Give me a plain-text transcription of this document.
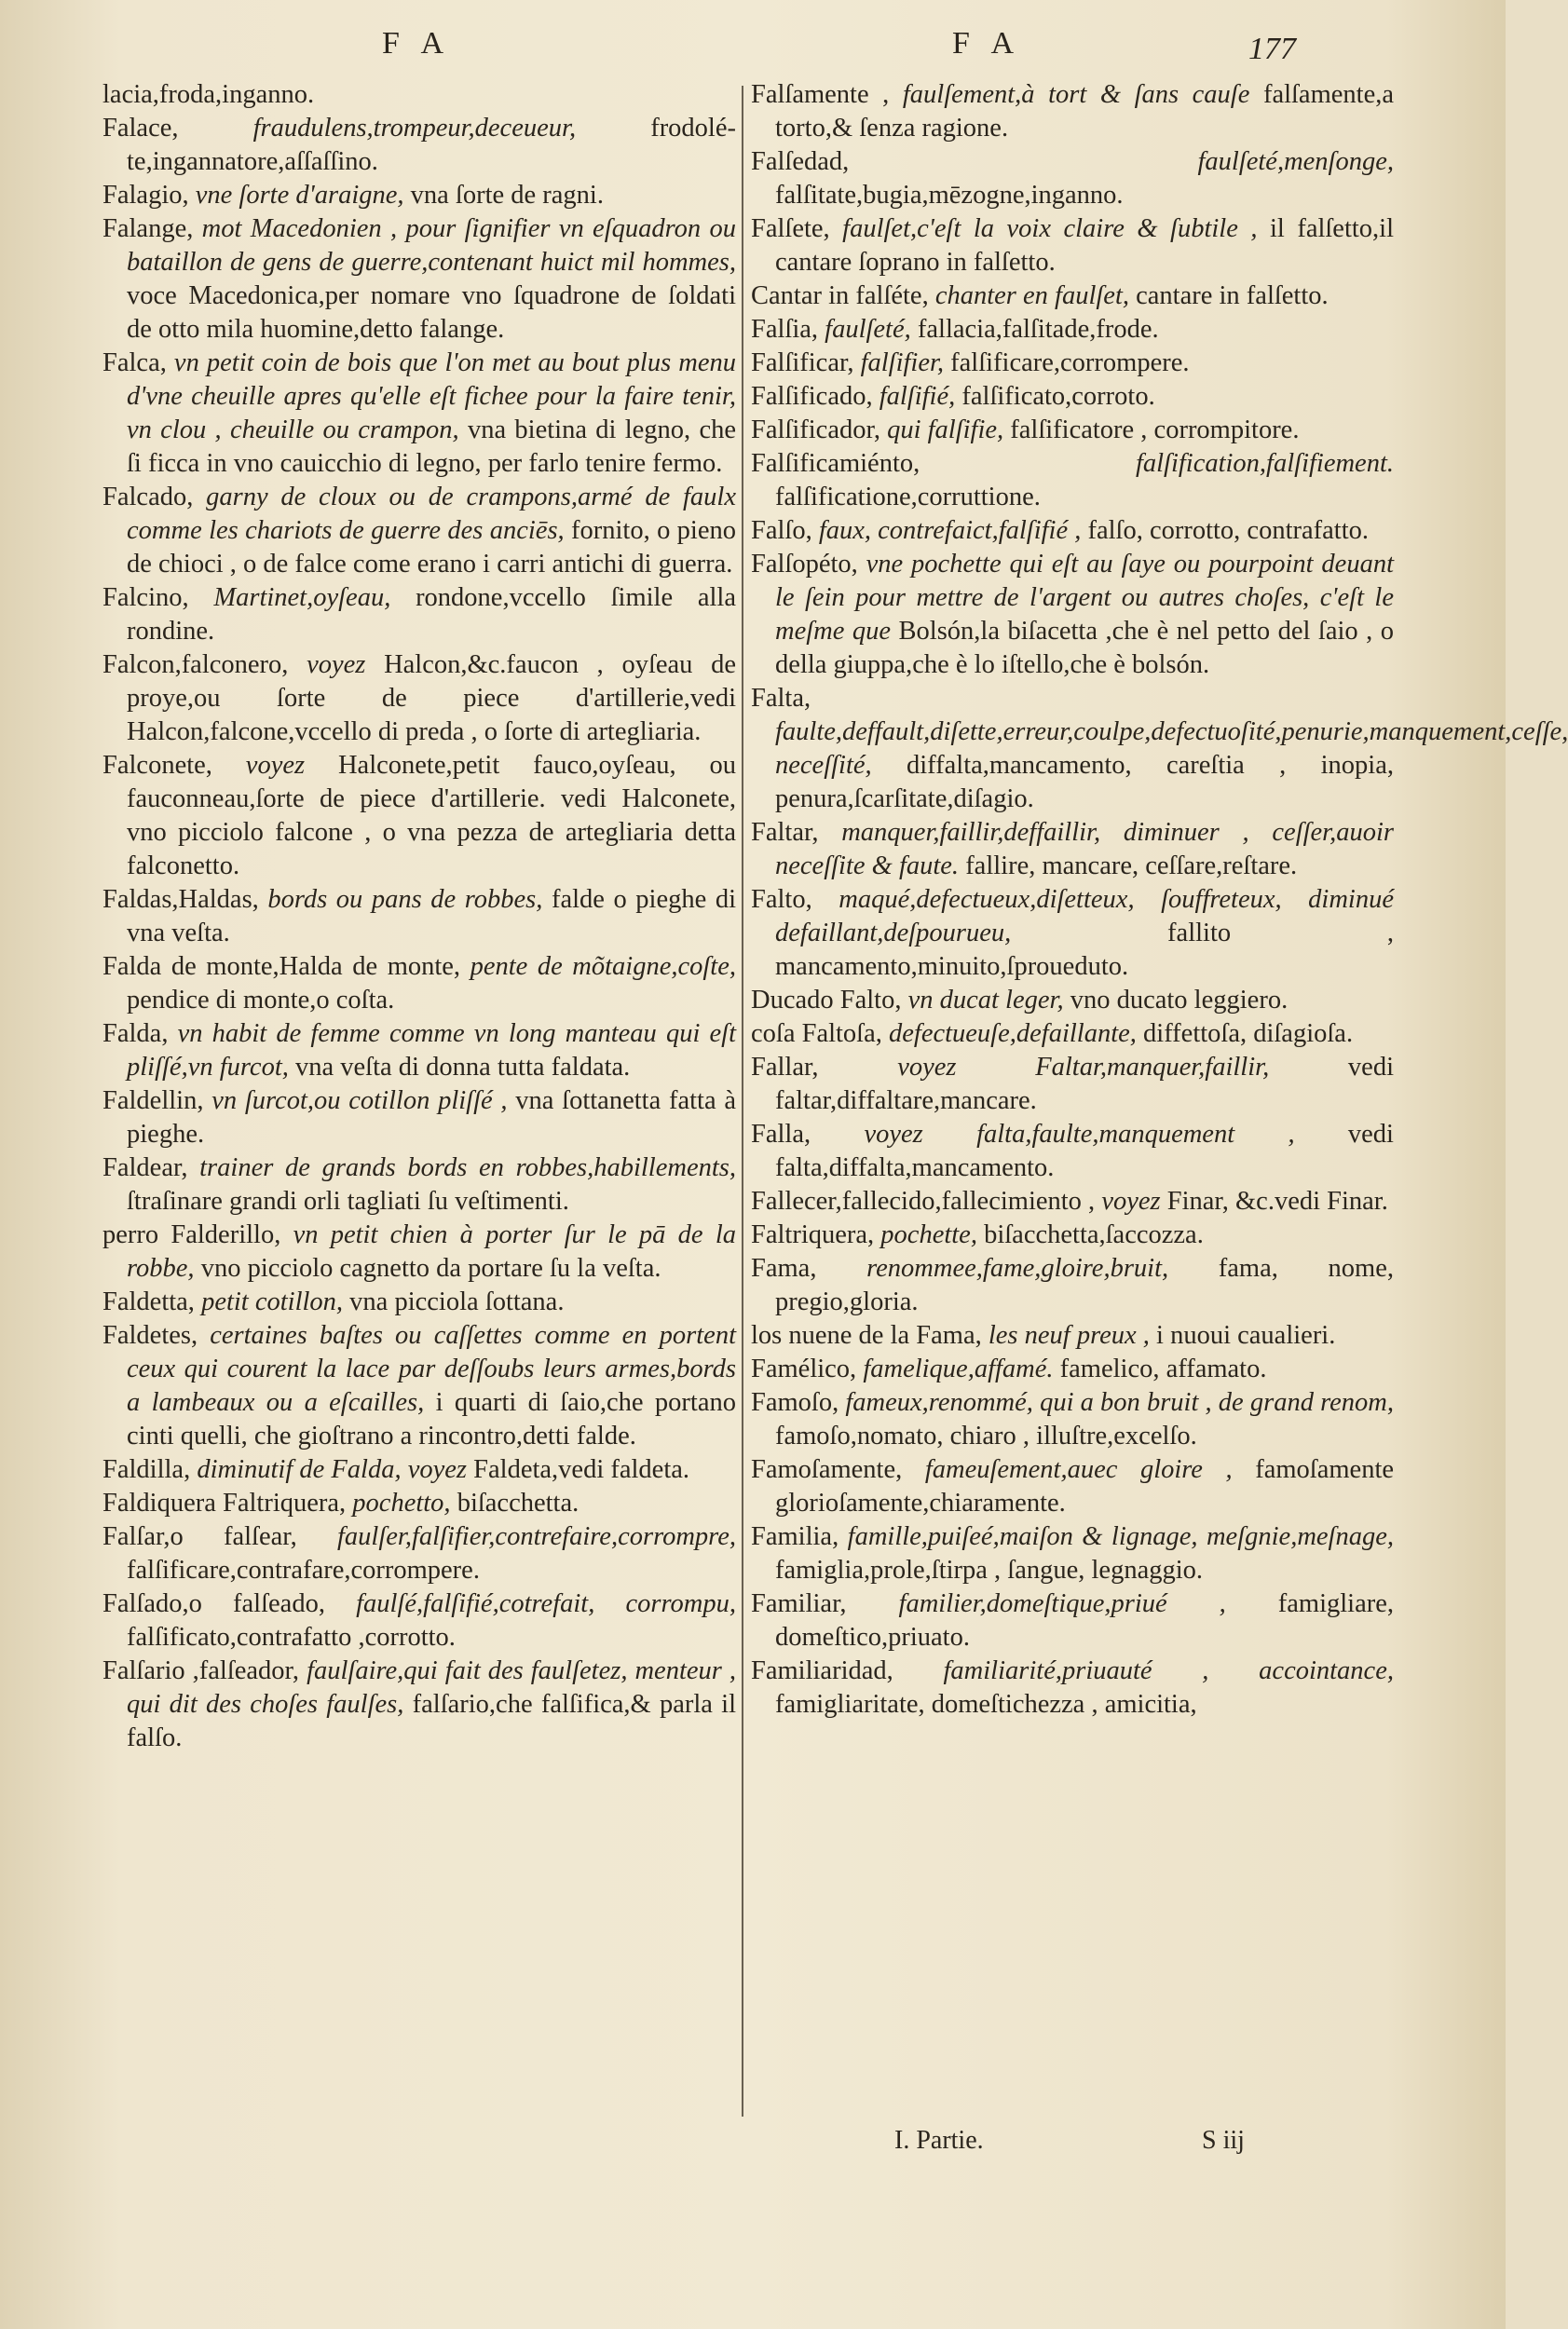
F A	F A	177

lacia,froda,inganno.

Falace, fraudulens,trompeur,deceueur, frodolé-te,ingannatore,aſſaſſino.

Falagio, vne ſorte d'araigne, vna ſorte de ragni.

Falange, mot Macedonien , pour ſignifier vn eſquadron ou bataillon de gens de guerre,contenant huict mil hommes, voce Macedonica,per nomare vno ſquadrone de ſoldati de otto mila huomine,detto falange.

Falca, vn petit coin de bois que l'on met au bout plus menu d'vne cheuille apres qu'elle eſt fichee pour la faire tenir, vn clou , cheuille ou crampon, vna bietina di legno, che ſi ficca in vno cauicchio di legno, per farlo tenire fermo.

Falcado, garny de cloux ou de crampons,armé de faulx comme les chariots de guerre des anciēs, fornito, o pieno de chioci , o de falce come erano i carri antichi di guerra.

Falcino, Martinet,oyſeau, rondone,vccello ſimile alla rondine.

Falcon,falconero, voyez Halcon,&c.faucon , oyſeau de proye,ou ſorte de piece d'artillerie,vedi Halcon,falcone,vccello di preda , o ſorte di artegliaria.

Falconete, voyez Halconete,petit fauco,oyſeau, ou fauconneau,ſorte de piece d'artillerie. vedi Halconete, vno picciolo falcone , o vna pezza de artegliaria detta falconetto.

Faldas,Haldas, bords ou pans de robbes, falde o pieghe di vna veſta.

Falda de monte,Halda de monte, pente de mõtaigne,coſte, pendice di monte,o coſta.

Falda, vn habit de femme comme vn long manteau qui eſt pliſſé,vn furcot, vna veſta di donna tutta faldata.

Faldellin, vn ſurcot,ou cotillon pliſſé , vna ſottanetta fatta à pieghe.

Faldear, trainer de grands bords en robbes,habillements, ſtraſinare grandi orli tagliati ſu veſtimenti.

perro Falderillo, vn petit chien à porter ſur le pā de la robbe, vno picciolo cagnetto da portare ſu la veſta.

Faldetta, petit cotillon, vna picciola ſottana.

Faldetes, certaines baſtes ou caſſettes comme en portent ceux qui courent la lace par deſſoubs leurs armes,bords a lambeaux ou a eſcailles, i quarti di ſaio,che portano cinti quelli, che gioſtrano a rincontro,detti falde.

Faldilla, diminutif de Falda, voyez Faldeta,vedi faldeta.

Faldiquera Faltriquera, pochetto, biſacchetta.

Falſar,o falſear, faulſer,falſifier,contrefaire,corrompre, falſificare,contrafare,corrompere.

Falſado,o falſeado, faulſé,falſifié,cotrefait, corrompu, falſificato,contrafatto ,corrotto.

Falſario ,falſeador, faulſaire,qui fait des faulſetez, menteur , qui dit des choſes faulſes, falſario,che falſifica,& parla il falſo.

Falſamente , faulſement,à tort & ſans cauſe falſamente,a torto,& ſenza ragione.

Falſedad, faulſeté,menſonge, falſitate,bugia,mēzogne,inganno.

Falſete, faulſet,c'eſt la voix claire & ſubtile , il falſetto,il cantare ſoprano in falſetto.

Cantar in falſéte, chanter en faulſet, cantare in falſetto.

Falſia, faulſeté, fallacia,falſitade,frode.

Falſificar, falſifier, falſificare,corrompere.

Falſificado, falſifié, falſificato,corroto.

Falſificador, qui falſifie, falſificatore , corrompitore.

Falſificamiénto, falſification,falſifiement. falſificatione,corruttione.

Falſo, faux, contrefaict,falſifié , falſo, corrotto, contrafatto.

Falſopéto, vne pochette qui eſt au ſaye ou pourpoint deuant le ſein pour mettre de l'argent ou autres choſes, c'eſt le meſme que Bolsón,la biſacetta ,che è nel petto del ſaio , o della giuppa,che è lo iſtello,che è bolsón.

Falta, faulte,deffault,diſette,erreur,coulpe,defectuoſité,penurie,manquement,ceſſe, neceſſité, diffalta,mancamento, careſtia , inopia, penura,ſcarſitate,diſagio.

Faltar, manquer,faillir,deffaillir, diminuer , ceſſer,auoir neceſſite & faute. fallire, mancare, ceſſare,reſtare.

Falto, maqué,defectueux,diſetteux, ſouffreteux, diminué defaillant,deſpourueu, fallito , mancamento,minuito,ſproueduto.

Ducado Falto, vn ducat leger, vno ducato leggiero.

coſa Faltoſa, defectueuſe,defaillante, diffettoſa, diſagioſa.

Fallar, voyez Faltar,manquer,faillir, vedi faltar,diffaltare,mancare.

Falla, voyez falta,faulte,manquement , vedi falta,diffalta,mancamento.

Fallecer,fallecido,fallecimiento , voyez Finar, &c.vedi Finar.

Faltriquera, pochette, biſacchetta,ſaccozza.

Fama, renommee,fame,gloire,bruit, fama, nome, pregio,gloria.

los nuene de la Fama, les neuf preux , i nuoui caualieri.

Famélico, famelique,affamé. famelico, affamato.

Famoſo, fameux,renommé, qui a bon bruit , de grand renom, famoſo,nomato, chiaro , illuſtre,excelſo.

Famoſamente, fameuſement,auec gloire , famoſamente glorioſamente,chiaramente.

Familia, famille,puiſeé,maiſon & lignage, meſgnie,meſnage, famiglia,prole,ſtirpa , ſangue, legnaggio.

Familiar, familier,domeſtique,priué , famigliare, domeſtico,priuato.

Familiaridad, familiarité,priuauté , accointance, famigliaritate, domeſtichezza , amicitia,

I. Partie.	S iij
